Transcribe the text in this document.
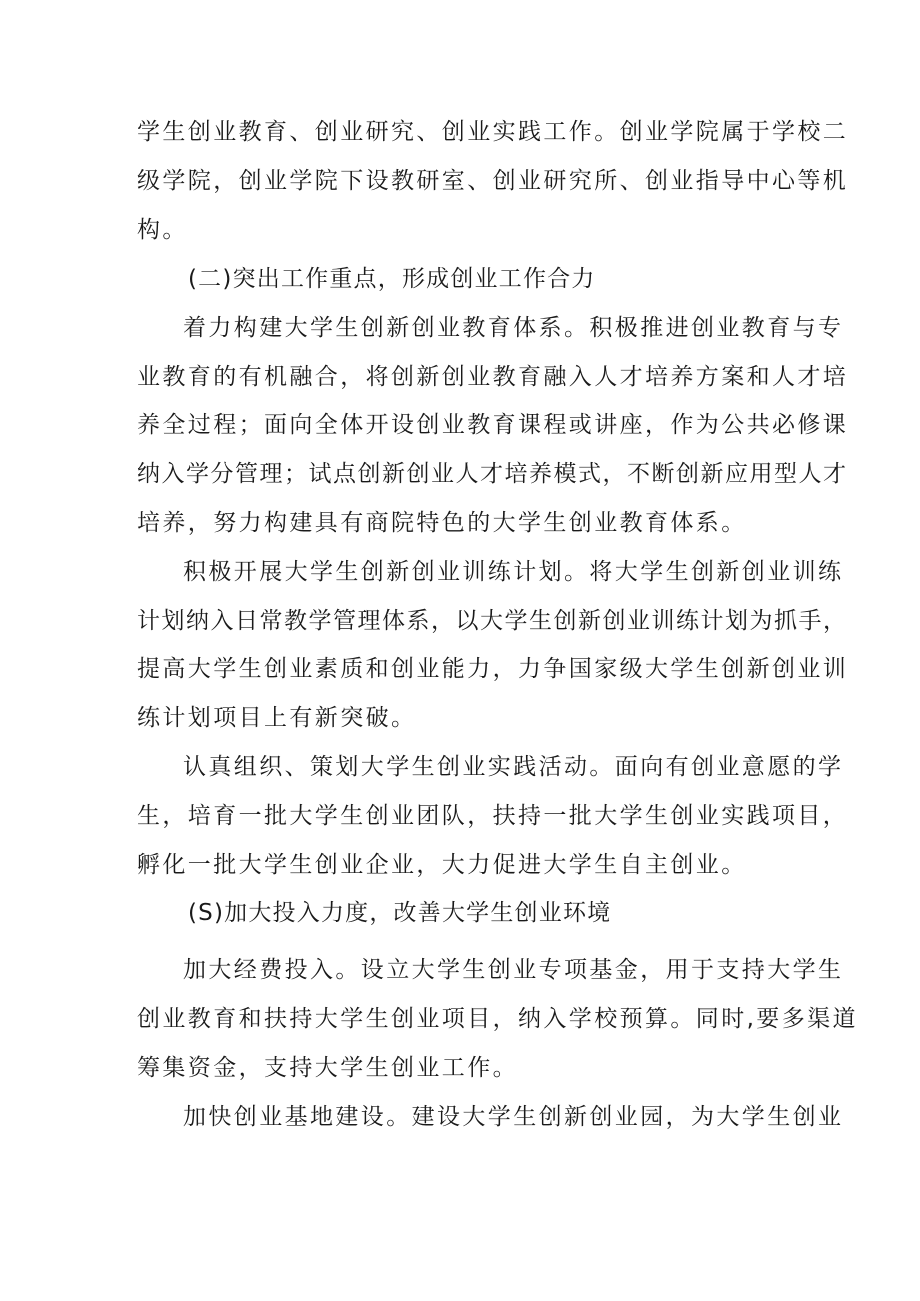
学生创业教育、创业研究、创业实践工作。创业学院属于学校二
级学院，创业学院下设教研室、创业研究所、创业指导中心等机
构。
(二)突出工作重点，形成创业工作合力
着力构建大学生创新创业教育体系。积极推进创业教育与专
业教育的有机融合，将创新创业教育融入人才培养方案和人才培
养全过程；面向全体开设创业教育课程或讲座，作为公共必修课
纳入学分管理；试点创新创业人才培养模式，不断创新应用型人才
培养，努力构建具有商院特色的大学生创业教育体系。
积极开展大学生创新创业训练计划。将大学生创新创业训练
计划纳入日常教学管理体系，以大学生创新创业训练计划为抓手，
提高大学生创业素质和创业能力，力争国家级大学生创新创业训
练计划项目上有新突破。
认真组织、策划大学生创业实践活动。面向有创业意愿的学
生，培育一批大学生创业团队，扶持一批大学生创业实践项目，
孵化一批大学生创业企业，大力促进大学生自主创业。
(S)加大投入力度，改善大学生创业环境
加大经费投入。设立大学生创业专项基金，用于支持大学生
创业教育和扶持大学生创业项目，纳入学校预算。同时,要多渠道
筹集资金，支持大学生创业工作。
加快创业基地建设。建设大学生创新创业园，为大学生创业
